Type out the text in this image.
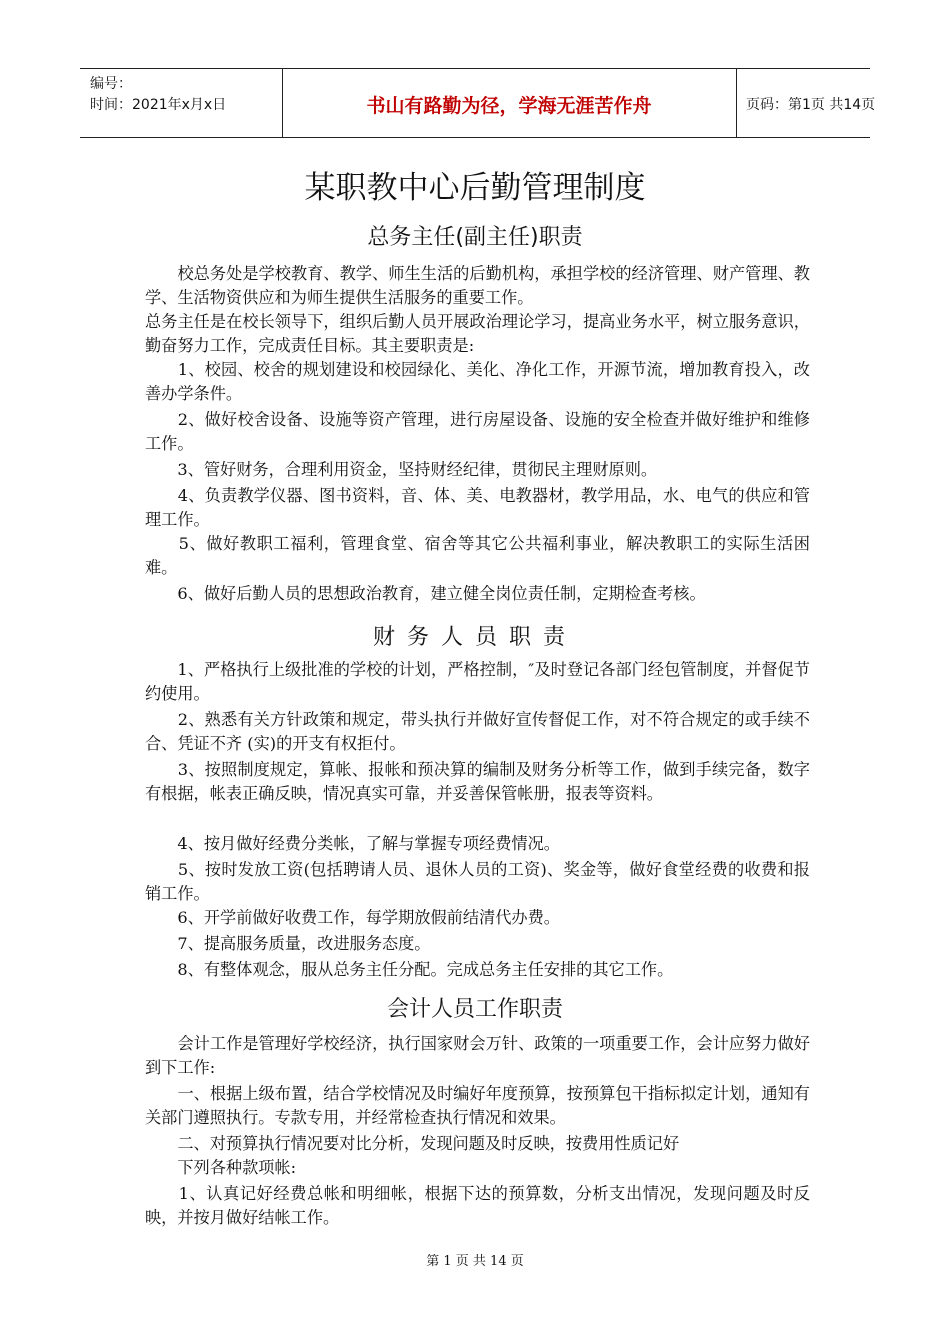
编号：
时间：2021年x月x日	书山有路勤为径，学海无涯苦作舟	页码：第1页 共14页
某职教中心后勤管理制度
总务主任(副主任)职责
　　校总务处是学校教育、教学、师生生活的后勤机构，承担学校的经济管理、财产管理、教学、生活物资供应和为师生提供生活服务的重要工作。
总务主任是在校长领导下，组织后勤人员开展政治理论学习，提高业务水平，树立服务意识，勤奋努力工作，完成责任目标。其主要职责是:
　　1、校园、校舍的规划建设和校园绿化、美化、净化工作，开源节流，增加教育投入，改善办学条件。
　　2、做好校舍设备、设施等资产管理，进行房屋设备、设施的安全检查并做好维护和维修工作。
　　3、管好财务，合理利用资金，坚持财经纪律，贯彻民主理财原则。
　　4、负责教学仪器、图书资料，音、体、美、电教器材，教学用品，水、电气的供应和管理工作。
　　5、做好教职工福利，管理食堂、宿舍等其它公共福利事业，解决教职工的实际生活困难。
　　6、做好后勤人员的思想政治教育，建立健全岗位责任制，定期检查考核。
财务人员职责
　　1、严格执行上级批准的学校的计划，严格控制，″及时登记各部门经包管制度，并督促节约使用。
　　2、熟悉有关方针政策和规定，带头执行并做好宣传督促工作，对不符合规定的或手续不合、凭证不齐 (实)的开支有权拒付。
　　3、按照制度规定，算帐、报帐和预决算的编制及财务分析等工作，做到手续完备，数字有根据，帐表正确反映，情况真实可靠，并妥善保管帐册，报表等资料。
　　4、按月做好经费分类帐，了解与掌握专项经费情况。
　　5、按时发放工资(包括聘请人员、退休人员的工资)、奖金等，做好食堂经费的收费和报销工作。
　　6、开学前做好收费工作，每学期放假前结清代办费。
　　7、提高服务质量，改进服务态度。
　　8、有整体观念，服从总务主任分配。完成总务主任安排的其它工作。
会计人员工作职责
　　会计工作是管理好学校经济，执行国家财会万针、政策的一项重要工作，会计应努力做好到下工作:
　　一、根据上级布置，结合学校情况及时编好年度预算，按预算包干指标拟定计划，通知有关部门遵照执行。专款专用，并经常检查执行情况和效果。
　　二、对预算执行情况要对比分析，发现问题及时反映，按费用性质记好
　　下列各种款项帐:
　　1、认真记好经费总帐和明细帐，根据下达的预算数，分析支出情况，发现问题及时反映，并按月做好结帐工作。
第 1 页 共 14 页
